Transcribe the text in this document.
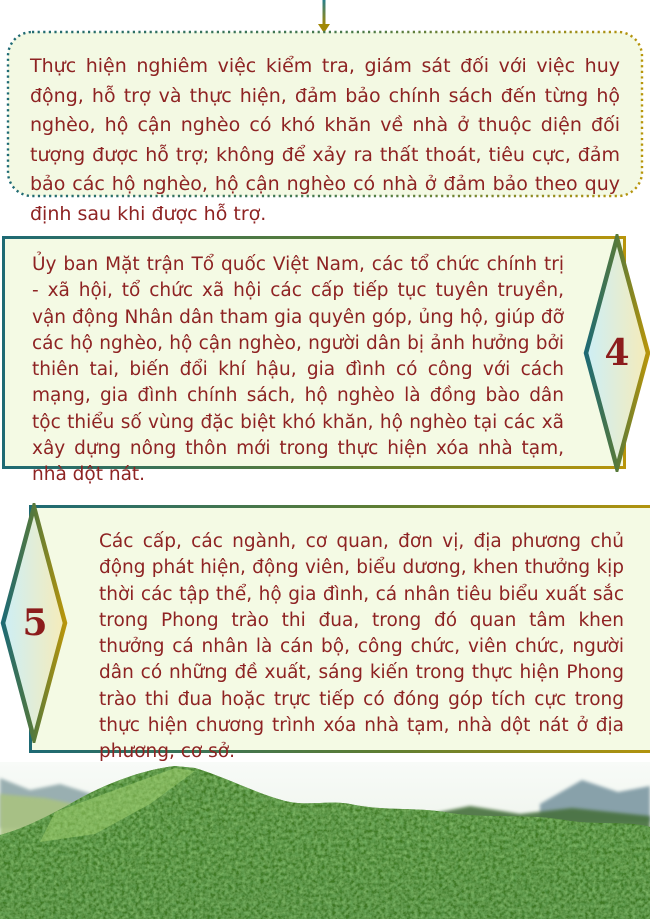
Thực hiện nghiêm việc kiểm tra, giám sát đối với việc huy động, hỗ trợ và thực hiện, đảm bảo chính sách đến từng hộ nghèo, hộ cận nghèo có khó khăn về nhà ở thuộc diện đối tượng được hỗ trợ; không để xảy ra thất thoát, tiêu cực, đảm bảo các hộ nghèo, hộ cận nghèo có nhà ở đảm bảo theo quy định sau khi được hỗ trợ.
Ủy ban Mặt trận Tổ quốc Việt Nam, các tổ chức chính trị - xã hội, tổ chức xã hội các cấp tiếp tục tuyên truyền, vận động Nhân dân tham gia quyên góp, ủng hộ, giúp đỡ các hộ nghèo, hộ cận nghèo, người dân bị ảnh hưởng bởi thiên tai, biến đổi khí hậu, gia đình có công với cách mạng, gia đình chính sách, hộ nghèo là đồng bào dân tộc thiểu số vùng đặc biệt khó khăn, hộ nghèo tại các xã xây dựng nông thôn mới trong thực hiện xóa nhà tạm, nhà dột nát.
4
Các cấp, các ngành, cơ quan, đơn vị, địa phương chủ động phát hiện, động viên, biểu dương, khen thưởng kịp thời các tập thể, hộ gia đình, cá nhân tiêu biểu xuất sắc trong Phong trào thi đua, trong đó quan tâm khen thưởng cá nhân là cán bộ, công chức, viên chức, người dân có những đề xuất, sáng kiến trong thực hiện Phong trào thi đua hoặc trực tiếp có đóng góp tích cực trong thực hiện chương trình xóa nhà tạm, nhà dột nát ở địa phương, cơ sở.
5
